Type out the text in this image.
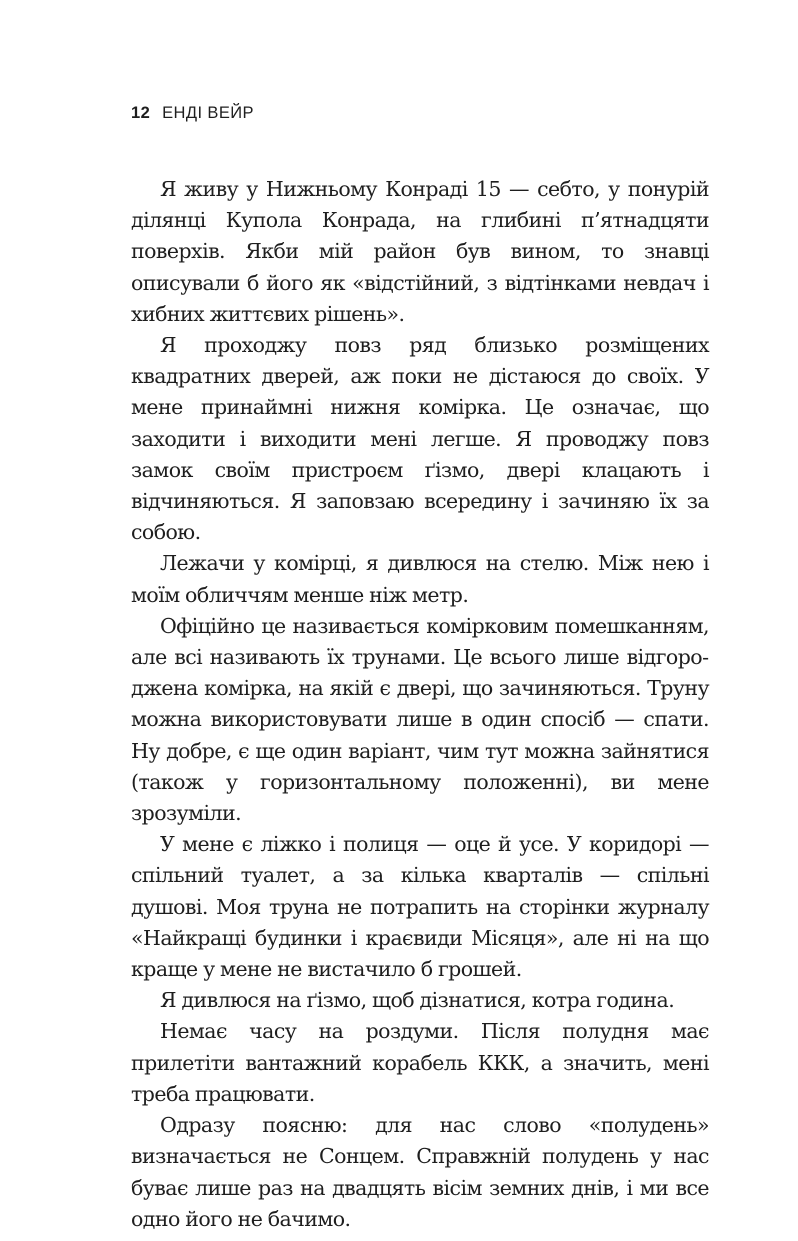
12 ЕНДІ ВЕЙР

Я живу у Нижньому Конраді 15 — себто, у понурій ділянці Купола Конрада, на глибині п’ятнадцяти поверхів. Якби мій район був вином, то знавці описували б його як «відстійний, з відтінками невдач і хибних життєвих рішень».

Я проходжу повз ряд близько розміщених квадратних дверей, аж поки не дістаюся до своїх. У мене принаймні нижня комірка. Це означає, що заходити і виходити мені легше. Я проводжу повз замок своїм пристроєм ґізмо, двері клацають і відчиняються. Я заповзаю всередину і зачиняю їх за собою.

Лежачи у комірці, я дивлюся на стелю. Між нею і моїм обличчям менше ніж метр.

Офіційно це називається комірковим помешканням, але всі називають їх трунами. Це всього лише відгороджена комірка, на якій є двері, що зачиняються. Труну можна використовувати лише в один спосіб — спати. Ну добре, є ще один варіант, чим тут можна зайнятися (також у горизонтальному положенні), ви мене зрозуміли.

У мене є ліжко і полиця — оце й усе. У коридорі — спільний туалет, а за кілька кварталів — спільні душові. Моя труна не потрапить на сторінки журналу «Найкращі будинки і краєвиди Місяця», але ні на що краще у мене не вистачило б грошей.

Я дивлюся на ґізмо, щоб дізнатися, котра година.

Немає часу на роздуми. Після полудня має прилетіти вантажний корабель ККК, а значить, мені треба працювати.

Одразу поясню: для нас слово «полудень» визначається не Сонцем. Справжній полудень у нас буває лише раз на двадцять вісім земних днів, і ми все одно його не бачимо.
